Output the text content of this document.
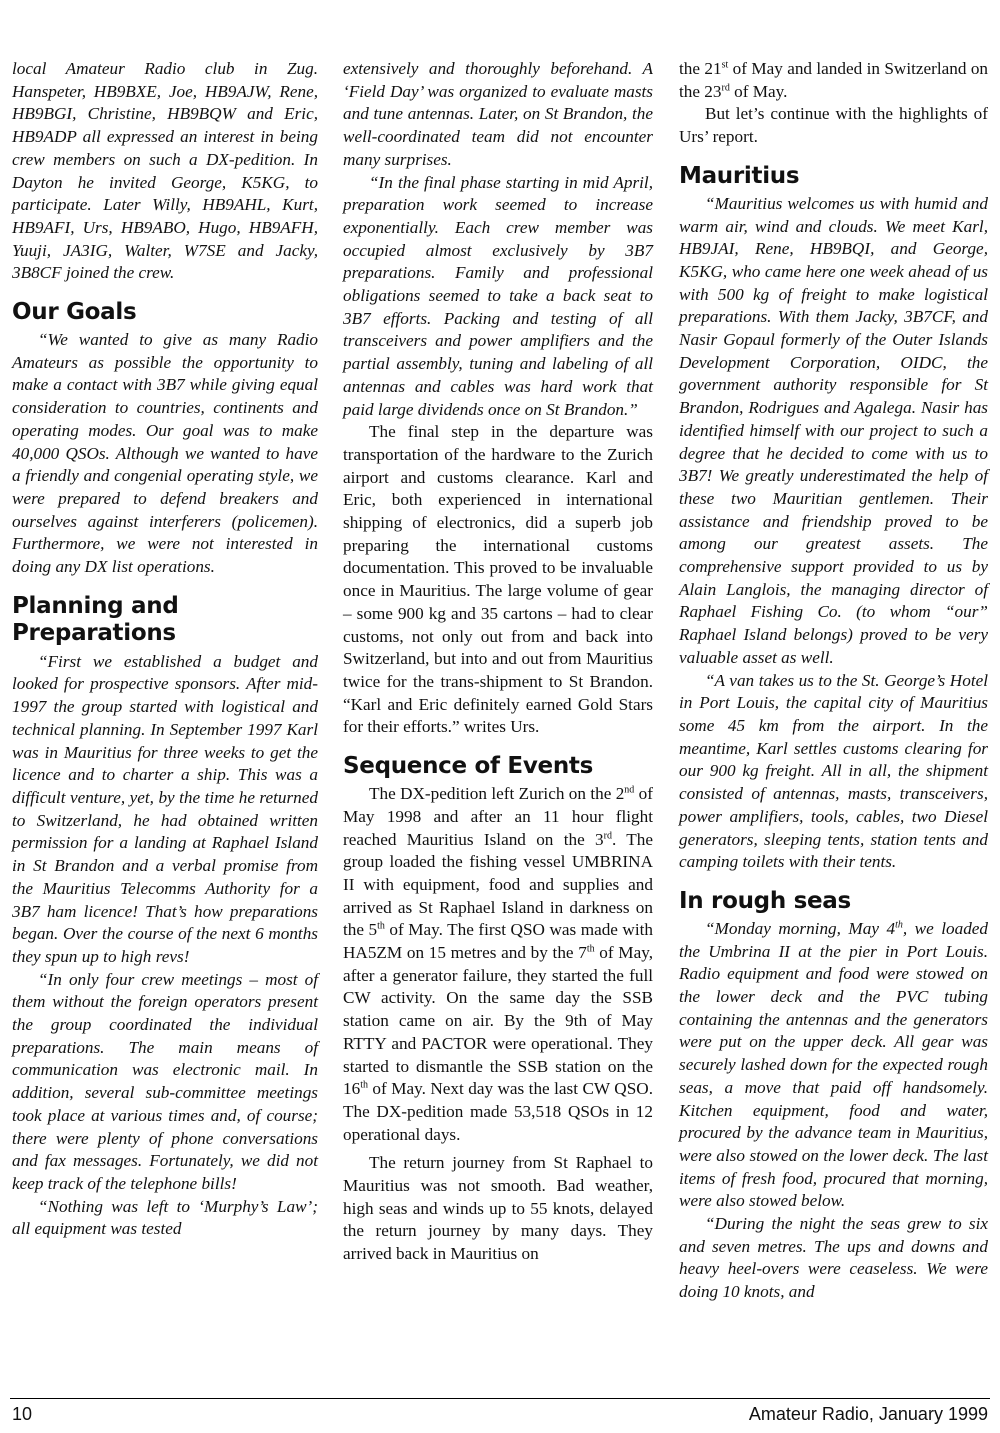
local Amateur Radio club in Zug. Hanspeter, HB9BXE, Joe, HB9AJW, Rene, HB9BGI, Christine, HB9BQW and Eric, HB9ADP all expressed an interest in being crew members on such a DX-pedition. In Dayton he invited George, K5KG, to participate. Later Willy, HB9AHL, Kurt, HB9AFI, Urs, HB9ABO, Hugo, HB9AFH, Yuuji, JA3IG, Walter, W7SE and Jacky, 3B8CF joined the crew.

Our Goals

“We wanted to give as many Radio Amateurs as possible the opportunity to make a contact with 3B7 while giving equal consideration to countries, continents and operating modes. Our goal was to make 40,000 QSOs. Although we wanted to have a friendly and congenial operating style, we were prepared to defend breakers and ourselves against interferers (policemen). Furthermore, we were not interested in doing any DX list operations.

Planning and
Preparations

“First we established a budget and looked for prospective sponsors. After mid-1997 the group started with logistical and technical planning. In September 1997 Karl was in Mauritius for three weeks to get the licence and to charter a ship. This was a difficult venture, yet, by the time he returned to Switzerland, he had obtained written permission for a landing at Raphael Island in St Brandon and a verbal promise from the Mauritius Telecomms Authority for a 3B7 ham licence! That’s how preparations began. Over the course of the next 6 months they spun up to high revs!

“In only four crew meetings – most of them without the foreign operators present the group coordinated the individual preparations. The main means of communication was electronic mail. In addition, several sub-committee meetings took place at various times and, of course; there were plenty of phone conversations and fax messages. Fortunately, we did not keep track of the telephone bills!

“Nothing was left to ‘Murphy’s Law’; all equipment was tested

extensively and thoroughly beforehand. A ‘Field Day’ was organized to evaluate masts and tune antennas. Later, on St Brandon, the well-coordinated team did not encounter many surprises.

“In the final phase starting in mid April, preparation work seemed to increase exponentially. Each crew member was occupied almost exclusively by 3B7 preparations. Family and professional obligations seemed to take a back seat to 3B7 efforts. Packing and testing of all transceivers and power amplifiers and the partial assembly, tuning and labeling of all antennas and cables was hard work that paid large dividends once on St Brandon.”

The final step in the departure was transportation of the hardware to the Zurich airport and customs clearance. Karl and Eric, both experienced in international shipping of electronics, did a superb job preparing the international customs documentation. This proved to be invaluable once in Mauritius. The large volume of gear – some 900 kg and 35 cartons – had to clear customs, not only out from and back into Switzerland, but into and out from Mauritius twice for the trans-shipment to St Brandon. “Karl and Eric definitely earned Gold Stars for their efforts.” writes Urs.

Sequence of Events

The DX-pedition left Zurich on the 2nd of May 1998 and after an 11 hour flight reached Mauritius Island on the 3rd. The group loaded the fishing vessel UMBRINA II with equipment, food and supplies and arrived as St Raphael Island in darkness on the 5th of May. The first QSO was made with HA5ZM on 15 metres and by the 7th of May, after a generator failure, they started the full CW activity. On the same day the SSB station came on air. By the 9th of May RTTY and PACTOR were operational. They started to dismantle the SSB station on the 16th of May. Next day was the last CW QSO. The DX-pedition made 53,518 QSOs in 12 operational days.

The return journey from St Raphael to Mauritius was not smooth. Bad weather, high seas and winds up to 55 knots, delayed the return journey by many days. They arrived back in Mauritius on

the 21st of May and landed in Switzerland on the 23rd of May.

But let’s continue with the highlights of Urs’ report.

Mauritius

“Mauritius welcomes us with humid and warm air, wind and clouds. We meet Karl, HB9JAI, Rene, HB9BQI, and George, K5KG, who came here one week ahead of us with 500 kg of freight to make logistical preparations. With them Jacky, 3B7CF, and Nasir Gopaul formerly of the Outer Islands Development Corporation, OIDC, the government authority responsible for St Brandon, Rodrigues and Agalega. Nasir has identified himself with our project to such a degree that he decided to come with us to 3B7! We greatly underestimated the help of these two Mauritian gentlemen. Their assistance and friendship proved to be among our greatest assets. The comprehensive support provided to us by Alain Langlois, the managing director of Raphael Fishing Co. (to whom “our” Raphael Island belongs) proved to be very valuable asset as well.

“A van takes us to the St. George’s Hotel in Port Louis, the capital city of Mauritius some 45 km from the airport. In the meantime, Karl settles customs clearing for our 900 kg freight. All in all, the shipment consisted of antennas, masts, transceivers, power amplifiers, tools, cables, two Diesel generators, sleeping tents, station tents and camping toilets with their tents.

In rough seas

“Monday morning, May 4th, we loaded the Umbrina II at the pier in Port Louis. Radio equipment and food were stowed on the lower deck and the PVC tubing containing the antennas and the generators were put on the upper deck. All gear was securely lashed down for the expected rough seas, a move that paid off handsomely. Kitchen equipment, food and water, procured by the advance team in Mauritius, were also stowed on the lower deck. The last items of fresh food, procured that morning, were also stowed below.

“During the night the seas grew to six and seven metres. The ups and downs and heavy heel-overs were ceaseless. We were doing 10 knots, and

10	Amateur Radio, January 1999
